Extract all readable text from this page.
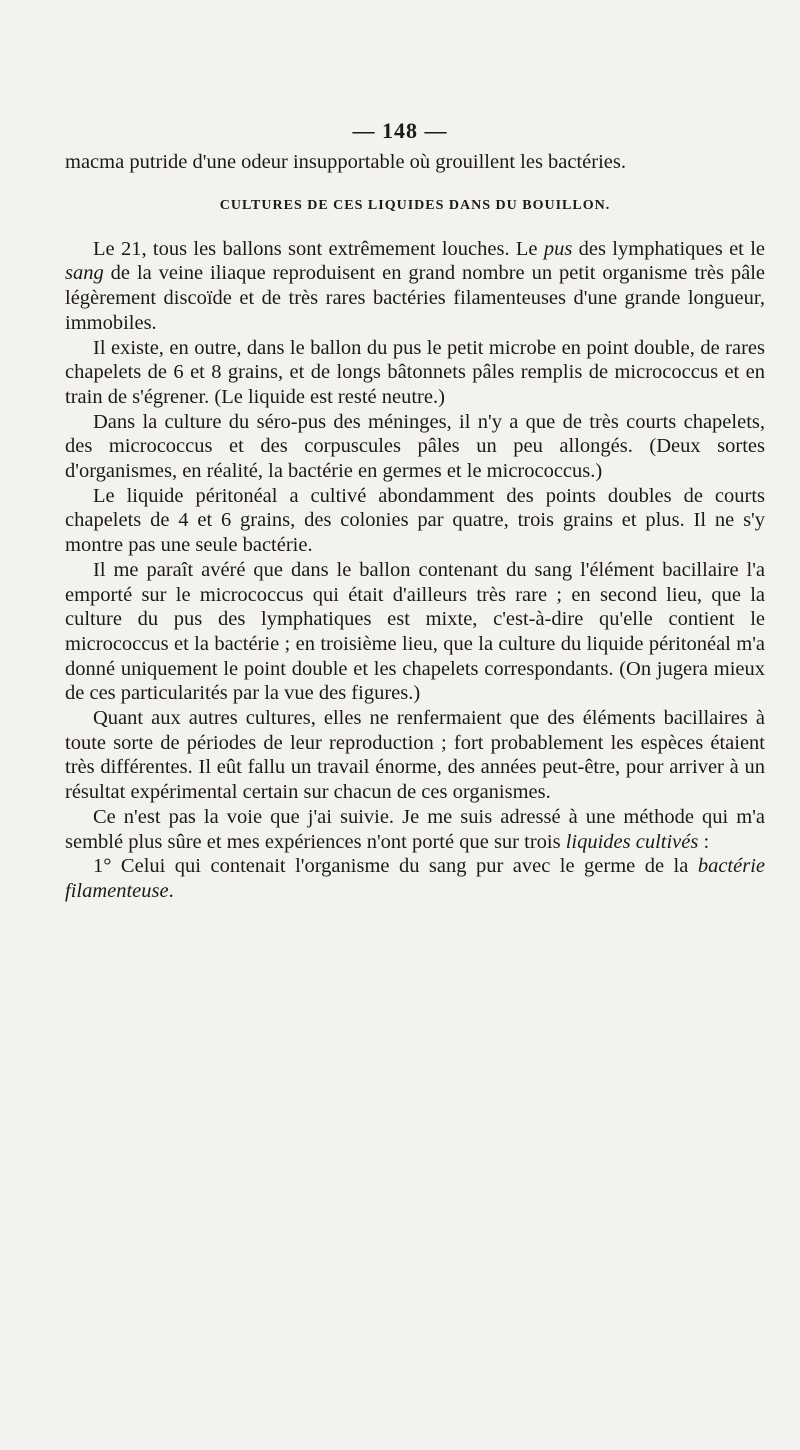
— 148 —

macma putride d'une odeur insupportable où grouillent les bactéries.

CULTURES DE CES LIQUIDES DANS DU BOUILLON.

Le 21, tous les ballons sont extrêmement louches. Le pus des lymphatiques et le sang de la veine iliaque reproduisent en grand nombre un petit organisme très pâle légèrement discoïde et de très rares bactéries filamenteuses d'une grande longueur, immobiles.

Il existe, en outre, dans le ballon du pus le petit microbe en point double, de rares chapelets de 6 et 8 grains, et de longs bâtonnets pâles remplis de micrococcus et en train de s'égrener. (Le liquide est resté neutre.)

Dans la culture du séro-pus des méninges, il n'y a que de très courts chapelets, des micrococcus et des corpuscules pâles un peu allongés. (Deux sortes d'organismes, en réalité, la bactérie en germes et le micrococcus.)

Le liquide péritonéal a cultivé abondamment des points doubles de courts chapelets de 4 et 6 grains, des colonies par quatre, trois grains et plus. Il ne s'y montre pas une seule bactérie.

Il me paraît avéré que dans le ballon contenant du sang l'élément bacillaire l'a emporté sur le micrococcus qui était d'ailleurs très rare ; en second lieu, que la culture du pus des lymphatiques est mixte, c'est-à-dire qu'elle contient le micrococcus et la bactérie ; en troisième lieu, que la culture du liquide péritonéal m'a donné uniquement le point double et les chapelets correspondants. (On jugera mieux de ces particularités par la vue des figures.)

Quant aux autres cultures, elles ne renfermaient que des éléments bacillaires à toute sorte de périodes de leur reproduction ; fort probablement les espèces étaient très différentes. Il eût fallu un travail énorme, des années peut-être, pour arriver à un résultat expérimental certain sur chacun de ces organismes.

Ce n'est pas la voie que j'ai suivie. Je me suis adressé à une méthode qui m'a semblé plus sûre et mes expériences n'ont porté que sur trois liquides cultivés :

1° Celui qui contenait l'organisme du sang pur avec le germe de la bactérie filamenteuse.
